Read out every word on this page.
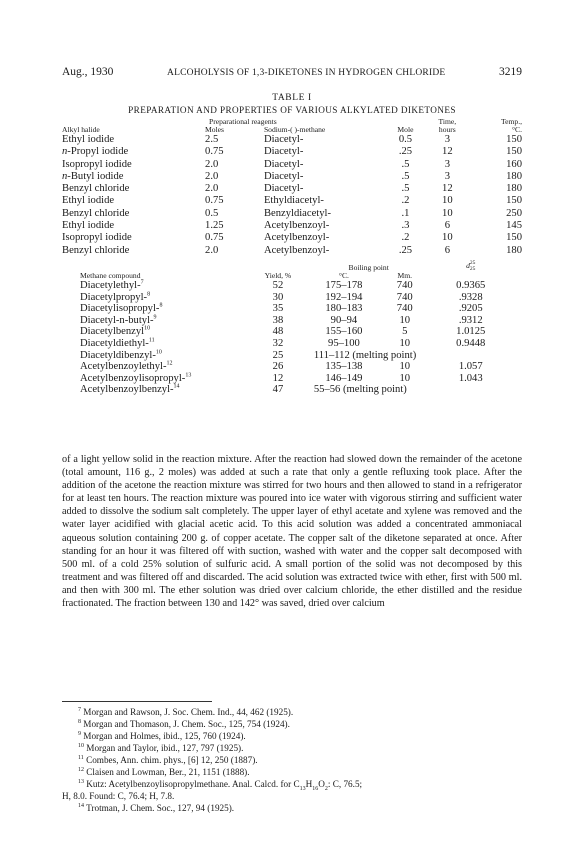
Aug., 1930	ALCOHOLYSIS OF 1,3-DIKETONES IN HYDROGEN CHLORIDE	3219
TABLE I
PREPARATION AND PROPERTIES OF VARIOUS ALKYLATED DIKETONES
	Preparational reagents			Time,	Temp.,
Alkyl halide	Moles	Sodium-( )-methane	Mole	hours	°C.
Ethyl iodide	2.5	Diacetyl-	0.5	3	150
n-Propyl iodide	0.75	Diacetyl-	.25	12	150
Isopropyl iodide	2.0	Diacetyl-	.5	3	160
n-Butyl iodide	2.0	Diacetyl-	.5	3	180
Benzyl chloride	2.0	Diacetyl-	.5	12	180
Ethyl iodide	0.75	Ethyldiacetyl-	.2	10	150
Benzyl chloride	0.5	Benzyldiacetyl-	.1	10	250
Ethyl iodide	1.25	Acetylbenzoyl-	.3	6	145
Isopropyl iodide	0.75	Acetylbenzoyl-	.2	10	150
Benzyl chloride	2.0	Acetylbenzoyl-	.25	6	180
		Boiling point		d25
25
Methane compound	Yield, %	°C.	Mm.	
Diacetylethyl-$^7$	52	175–178	740	0.9365
Diacetylpropyl-$^8$	30	192–194	740	.9328
Diacetylisopropyl-$^8$	35	180–183	740	.9205
Diacetyl-n-butyl-$^9$	38	90–94	10	.9312
Diacetylbenzyl$^{10}$	48	155–160	5	1.0125
Diacetyldiethyl-$^{11}$	32	95–100	10	0.9448
Diacetyldibenzyl-$^{10}$	25	111–112 (melting point)		
Acetylbenzoylethyl-$^{12}$	26	135–138	10	1.057
Acetylbenzoylisopropyl-$^{13}$	12	146–149	10	1.043
Acetylbenzoylbenzyl-$^{14}$	47	55–56 (melting point)		

of a light yellow solid in the reaction mixture. After the reaction had slowed down the remainder of the acetone (total amount, 116 g., 2 moles) was added at such a rate that only a gentle refluxing took place. After the addition of the acetone the reaction mixture was stirred for two hours and then allowed to stand in a refrigerator for at least ten hours. The reaction mixture was poured into ice water with vigorous stirring and sufficient water added to dissolve the sodium salt completely. The upper layer of ethyl acetate and xylene was removed and the water layer acidified with glacial acetic acid. To this acid solution was added a concentrated ammoniacal aqueous solution containing 200 g. of copper acetate. The copper salt of the diketone separated at once. After standing for an hour it was filtered off with suction, washed with water and the copper salt decomposed with 500 ml. of a cold 25% solution of sulfuric acid. A small portion of the solid was not decomposed by this treatment and was filtered off and discarded. The acid solution was extracted twice with ether, first with 500 ml. and then with 300 ml. The ether solution was dried over calcium chloride, the ether distilled and the residue fractionated. The fraction between 130 and 142° was saved, dried over calcium

$^7$ Morgan and Rawson, J. Soc. Chem. Ind., 44, 462 (1925).

$^8$ Morgan and Thomason, J. Chem. Soc., 125, 754 (1924).

$^9$ Morgan and Holmes, ibid., 125, 760 (1924).

$^{10}$ Morgan and Taylor, ibid., 127, 797 (1925).

$^{11}$ Combes, Ann. chim. phys., [6] 12, 250 (1887).

$^{12}$ Claisen and Lowman, Ber., 21, 1151 (1888).

$^{13}$ Kutz: Acetylbenzoylisopropylmethane. Anal. Calcd. for $C_{13}H_{16}O_2$: C, 76.5;

H, 8.0. Found: C, 76.4; H, 7.8.

$^{14}$ Trotman, J. Chem. Soc., 127, 94 (1925).
